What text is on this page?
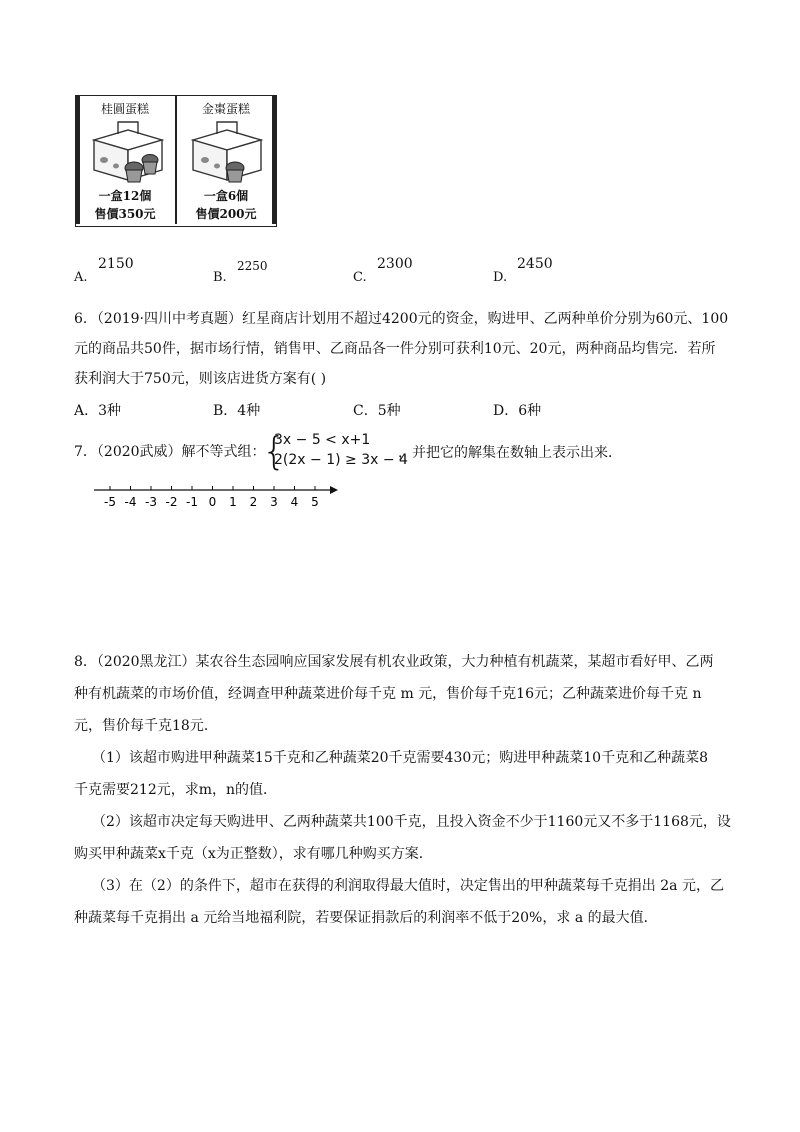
桂圓蛋糕
一盒12個
售價350元
金棗蛋糕
一盒6個
售價200元
A.
2150
B.
2250
C.
2300
D.
2450
6．（2019·四川中考真题）红星商店计划用不超过4200元的资金，购进甲、乙两种单价分别为60元、100
元的商品共50件，据市场行情，销售甲、乙商品各一件分别可获利10元、20元，两种商品均售完．若所
获利润大于750元，则该店进货方案有( )
A．3种	B．4种	C．5种	D．6种
7．（2020武威）解不等式组：
{
3x − 5 < x+1
2(2x − 1) ≥ 3x − 4
，并把它的解集在数轴上表示出来．
-5 -4 -3 -2 -1 0 1 2 3 4 5
8．（2020黑龙江）某农谷生态园响应国家发展有机农业政策，大力种植有机蔬菜，某超市看好甲、乙两
种有机蔬菜的市场价值，经调查甲种蔬菜进价每千克 m 元，售价每千克16元；乙种蔬菜进价每千克 n
元，售价每千克18元．
（1）该超市购进甲种蔬菜15千克和乙种蔬菜20千克需要430元；购进甲种蔬菜10千克和乙种蔬菜8
千克需要212元，求m，n的值．
（2）该超市决定每天购进甲、乙两种蔬菜共100千克，且投入资金不少于1160元又不多于1168元，设
购买甲种蔬菜x千克（x为正整数），求有哪几种购买方案．
（3）在（2）的条件下，超市在获得的利润取得最大值时，决定售出的甲种蔬菜每千克捐出 2a 元，乙
种蔬菜每千克捐出 a 元给当地福利院，若要保证捐款后的利润率不低于20%，求 a 的最大值．
